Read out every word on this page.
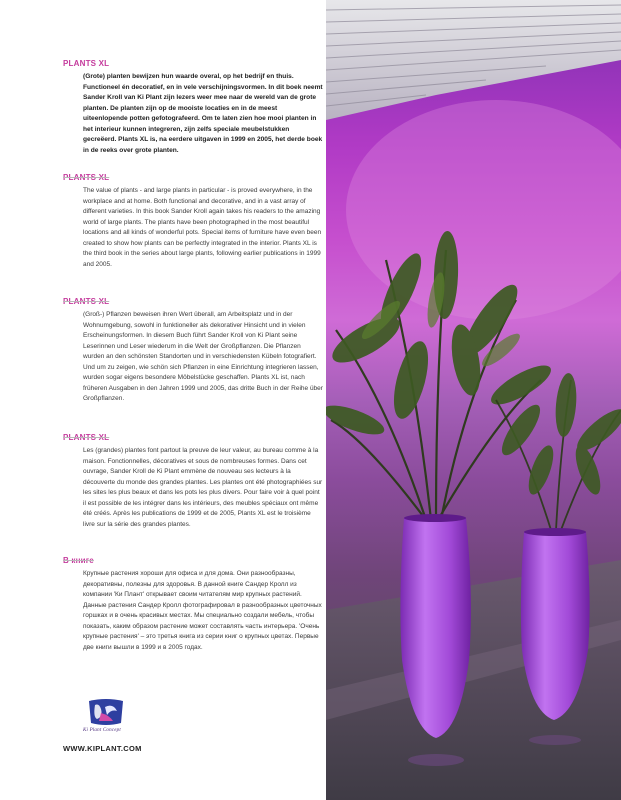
PLANTS XL
(Grote) planten bewijzen hun waarde overal, op het bedrijf en thuis. Functioneel én decoratief, en in vele verschijningsvormen. In dit boek neemt Sander Kroll van Ki Plant zijn lezers weer mee naar de wereld van de grote planten. De planten zijn op de mooiste locaties en in de meest uiteenlopende potten gefotografeerd. Om te laten zien hoe mooi planten in het interieur kunnen integreren, zijn zelfs speciale meubelstukken gecreëerd. Plants XL is, na eerdere uitgaven in 1999 en 2005, het derde boek in de reeks over grote planten.
PLANTS XL
The value of plants - and large plants in particular - is proved everywhere, in the workplace and at home. Both functional and decorative, and in a vast array of different varieties. In this book Sander Kroll again takes his readers to the amazing world of large plants. The plants have been photographed in the most beautiful locations and all kinds of wonderful pots. Special items of furniture have even been created to show how plants can be perfectly integrated in the interior. Plants XL is the third book in the series about large plants, following earlier publications in 1999 and 2005.
PLANTS XL
(Groß-) Pflanzen beweisen ihren Wert überall, am Arbeitsplatz und in der Wohnumgebung, sowohl in funktioneller als dekorativer Hinsicht und in vielen Erscheinungsformen. In diesem Buch führt Sander Kroll von Ki Plant seine Leserinnen und Leser wiederum in die Welt der Großpflanzen. Die Pflanzen wurden an den schönsten Standorten und in verschiedensten Kübeln fotografiert. Und um zu zeigen, wie schön sich Pflanzen in eine Einrichtung integrieren lassen, wurden sogar eigens besondere Möbelstücke geschaffen. Plants XL ist, nach früheren Ausgaben in den Jahren 1999 und 2005, das dritte Buch in der Reihe über Großpflanzen.
PLANTS XL
Les (grandes) plantes font partout la preuve de leur valeur, au bureau comme à la maison. Fonctionnelles, décoratives et sous de nombreuses formes. Dans cet ouvrage, Sander Kroll de Ki Plant emmène de nouveau ses lecteurs à la découverte du monde des grandes plantes. Les plantes ont été photographiées sur les sites les plus beaux et dans les pots les plus divers. Pour faire voir à quel point il est possible de les intégrer dans les intérieurs, des meubles spéciaux ont même été créés. Après les publications de 1999 et de 2005, Plants XL est le troisième livre sur la série des grandes plantes.
В книге
Крупные растения хороши для офиса и для дома. Они разнообразны, декоративны, полезны для здоровья. В данной книге Сандер Кролл из компании 'Ки Плант' открывает своим читателям мир крупных растений. Данные растения Сандер Кролл фотографировал в разнообразных цветочных горшках и в очень красивых местах. Мы специально создали мебель, чтобы показать, каким образом растение может составлять часть интерьера. 'Очень крупные растения' – это третья книга из серии книг о крупных цветах. Первые две книги вышли в 1999 и в 2005 годах.
Ki Plant Concept
WWW.KIPLANT.COM
